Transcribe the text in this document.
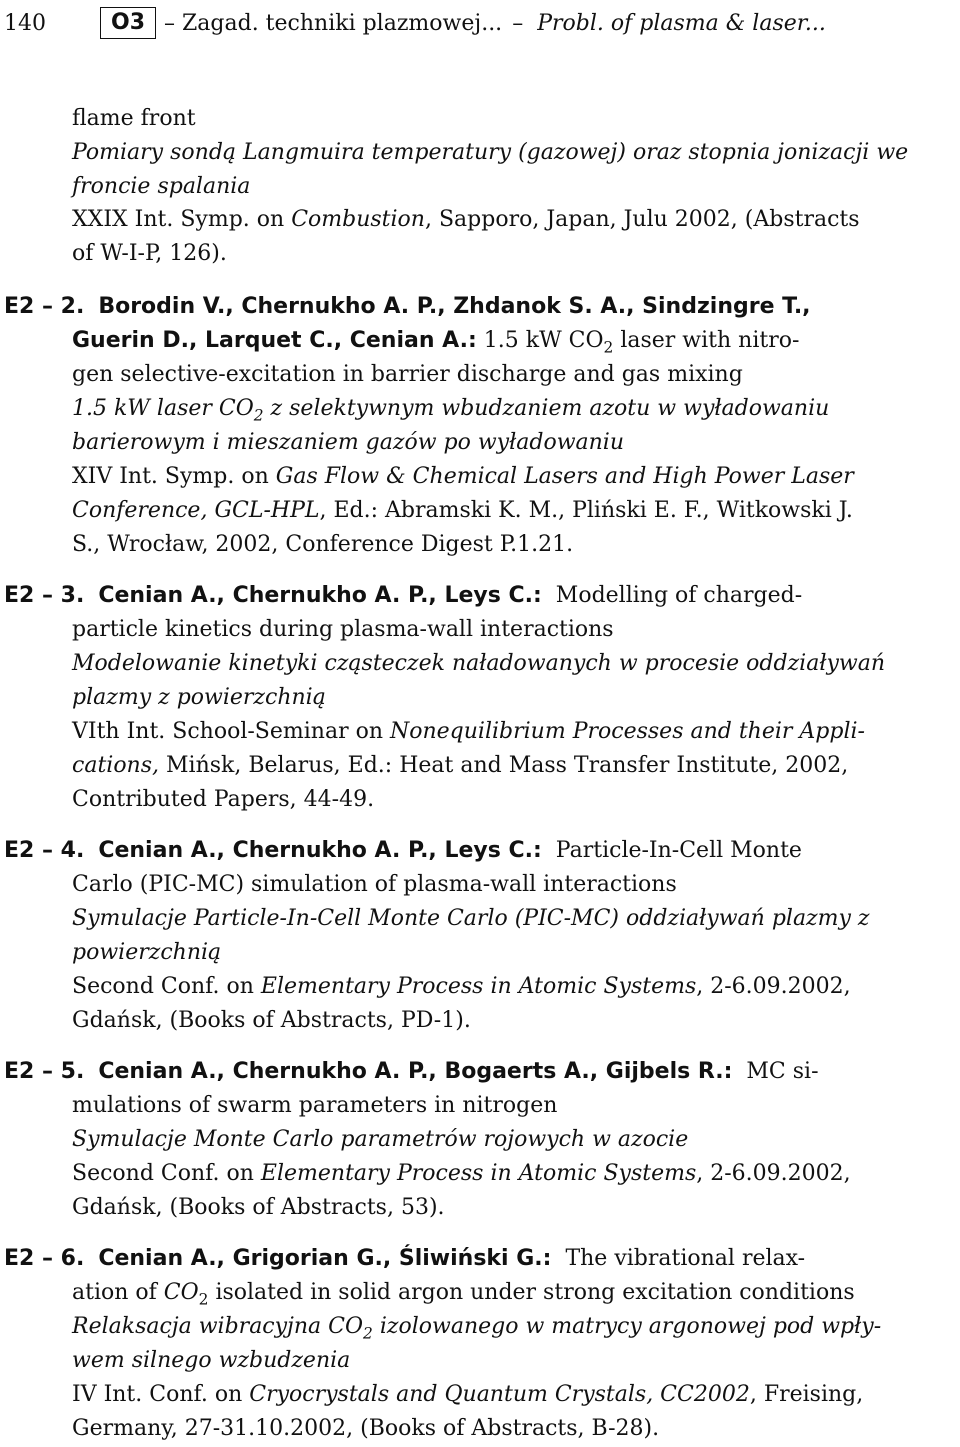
140	O3 – Zagad. techniki plazmowej... – Probl. of plasma & laser...
flame front
Pomiary sondą Langmuira temperatury (gazowej) oraz stopnia jonizacji we
froncie spalania
XXIX Int. Symp. on Combustion, Sapporo, Japan, Julu 2002, (Abstracts
of W-I-P, 126).
E2 – 2. Borodin V., Chernukho A. P., Zhdanok S. A., Sindzingre T.,
Guerin D., Larquet C., Cenian A.: 1.5 kW $CO_2$ laser with nitro-
gen selective-excitation in barrier discharge and gas mixing
1.5 kW laser $CO_2$ z selektywnym wbudzaniem azotu w wyładowaniu
barierowym i mieszaniem gazów po wyładowaniu
XIV Int. Symp. on Gas Flow & Chemical Lasers and High Power Laser
Conference, GCL-HPL, Ed.: Abramski K. M., Pliński E. F., Witkowski J.
S., Wrocław, 2002, Conference Digest P.1.21.
E2 – 3. Cenian A., Chernukho A. P., Leys C.: Modelling of charged-
particle kinetics during plasma-wall interactions
Modelowanie kinetyki cząsteczek naładowanych w procesie oddziaływań
plazmy z powierzchnią
VIth Int. School-Seminar on Nonequilibrium Processes and their Appli-
cations, Mińsk, Belarus, Ed.: Heat and Mass Transfer Institute, 2002,
Contributed Papers, 44-49.
E2 – 4. Cenian A., Chernukho A. P., Leys C.: Particle-In-Cell Monte
Carlo (PIC-MC) simulation of plasma-wall interactions
Symulacje Particle-In-Cell Monte Carlo (PIC-MC) oddziaływań plazmy z
powierzchnią
Second Conf. on Elementary Process in Atomic Systems, 2-6.09.2002,
Gdańsk, (Books of Abstracts, PD-1).
E2 – 5. Cenian A., Chernukho A. P., Bogaerts A., Gijbels R.: MC si-
mulations of swarm parameters in nitrogen
Symulacje Monte Carlo parametrów rojowych w azocie
Second Conf. on Elementary Process in Atomic Systems, 2-6.09.2002,
Gdańsk, (Books of Abstracts, 53).
E2 – 6. Cenian A., Grigorian G., Śliwiński G.: The vibrational relax-
ation of $CO_2$ isolated in solid argon under strong excitation conditions
Relaksacja wibracyjna $CO_2$ izolowanego w matrycy argonowej pod wpły-
wem silnego wzbudzenia
IV Int. Conf. on Cryocrystals and Quantum Crystals, CC2002, Freising,
Germany, 27-31.10.2002, (Books of Abstracts, B-28).
